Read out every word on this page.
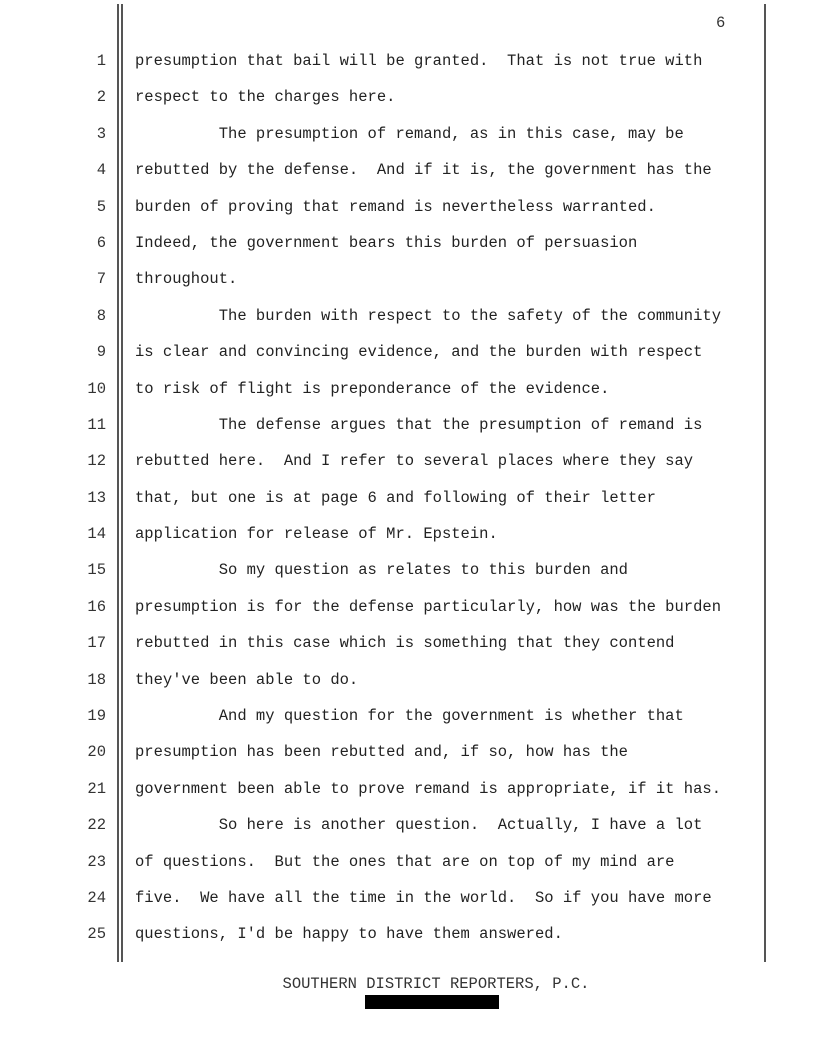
6
1 presumption that bail will be granted.  That is not true with
2 respect to the charges here.
3 The presumption of remand, as in this case, may be
4 rebutted by the defense.  And if it is, the government has the
5 burden of proving that remand is nevertheless warranted.
6 Indeed, the government bears this burden of persuasion
7 throughout.
8 The burden with respect to the safety of the community
9 is clear and convincing evidence, and the burden with respect
10 to risk of flight is preponderance of the evidence.
11 The defense argues that the presumption of remand is
12 rebutted here.  And I refer to several places where they say
13 that, but one is at page 6 and following of their letter
14 application for release of Mr. Epstein.
15 So my question as relates to this burden and
16 presumption is for the defense particularly, how was the burden
17 rebutted in this case which is something that they contend
18 they've been able to do.
19 And my question for the government is whether that
20 presumption has been rebutted and, if so, how has the
21 government been able to prove remand is appropriate, if it has.
22 So here is another question.  Actually, I have a lot
23 of questions.  But the ones that are on top of my mind are
24 five.  We have all the time in the world.  So if you have more
25 questions, I'd be happy to have them answered.
SOUTHERN DISTRICT REPORTERS, P.C.
